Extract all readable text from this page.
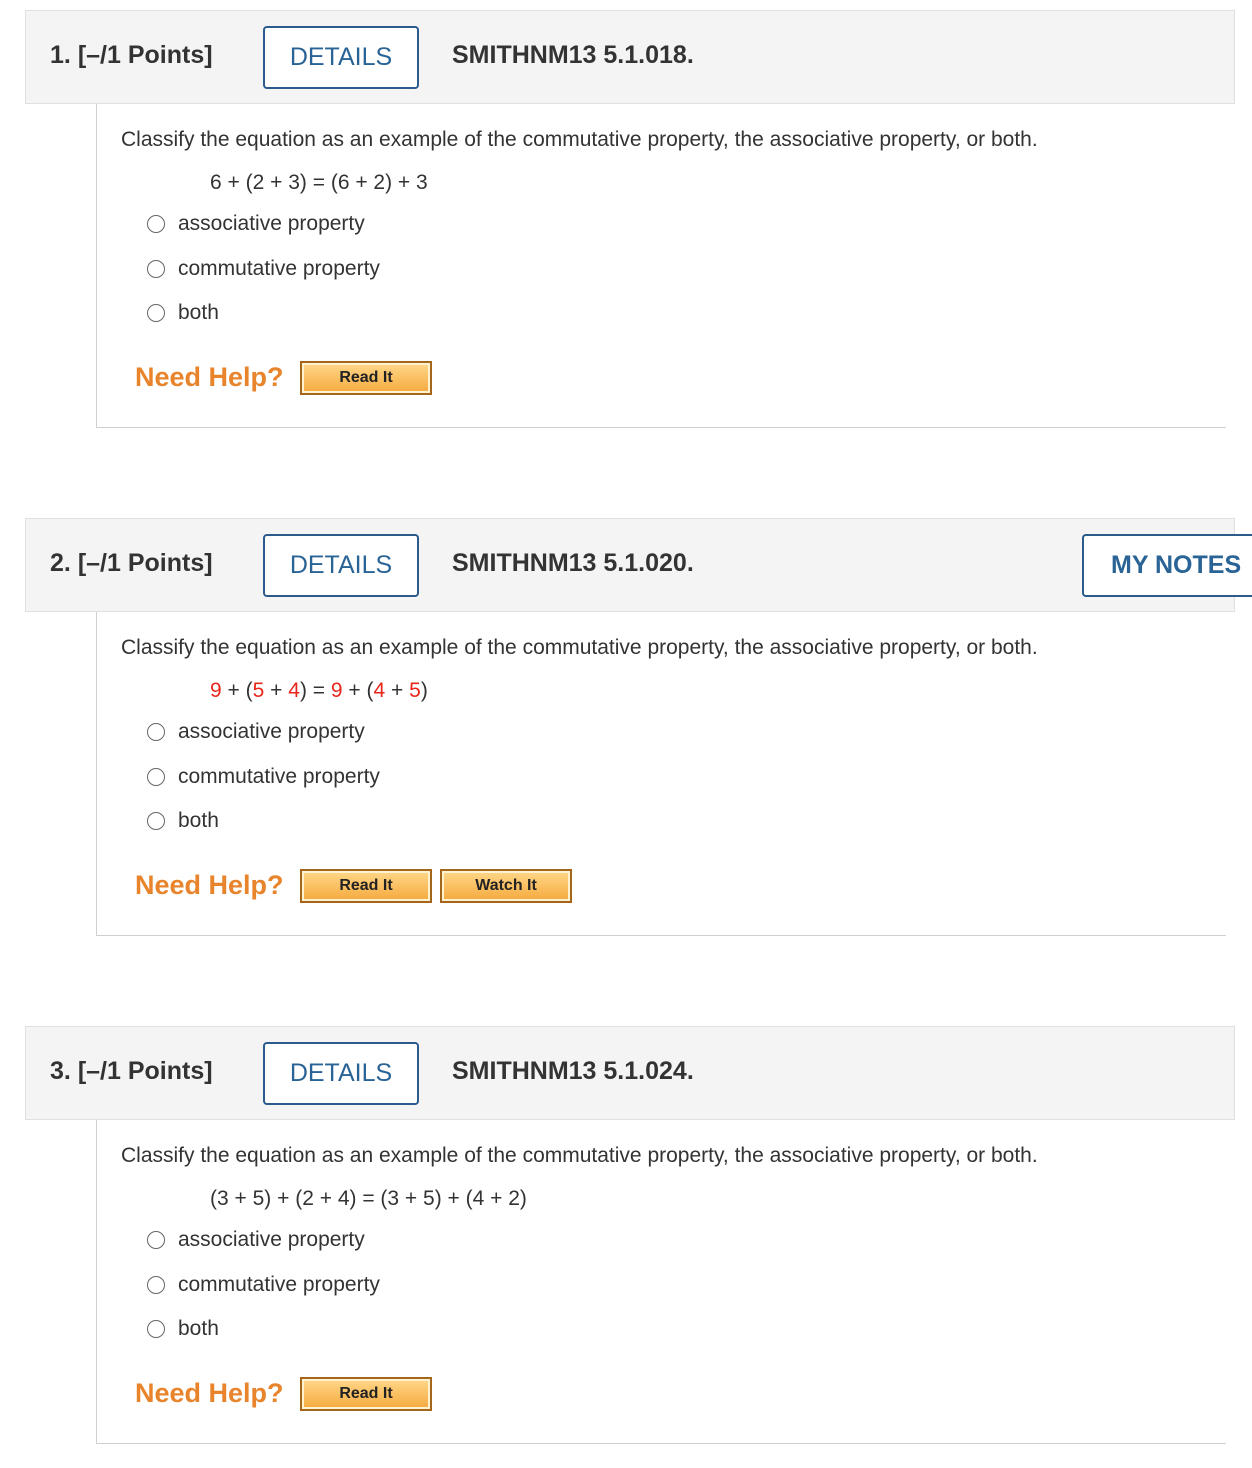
1. [–/1 Points]	DETAILS	SMITHNM13 5.1.018.
Classify the equation as an example of the commutative property, the associative property, or both.
6 + (2 + 3) = (6 + 2) + 3
associative property
commutative property
both
Need Help?	Read It
2. [–/1 Points]	DETAILS	SMITHNM13 5.1.020.	MY NOTES
Classify the equation as an example of the commutative property, the associative property, or both.
9 + (5 + 4) = 9 + (4 + 5)
associative property
commutative property
both
Need Help?	Read It	Watch It
3. [–/1 Points]	DETAILS	SMITHNM13 5.1.024.
Classify the equation as an example of the commutative property, the associative property, or both.
(3 + 5) + (2 + 4) = (3 + 5) + (4 + 2)
associative property
commutative property
both
Need Help?	Read It
